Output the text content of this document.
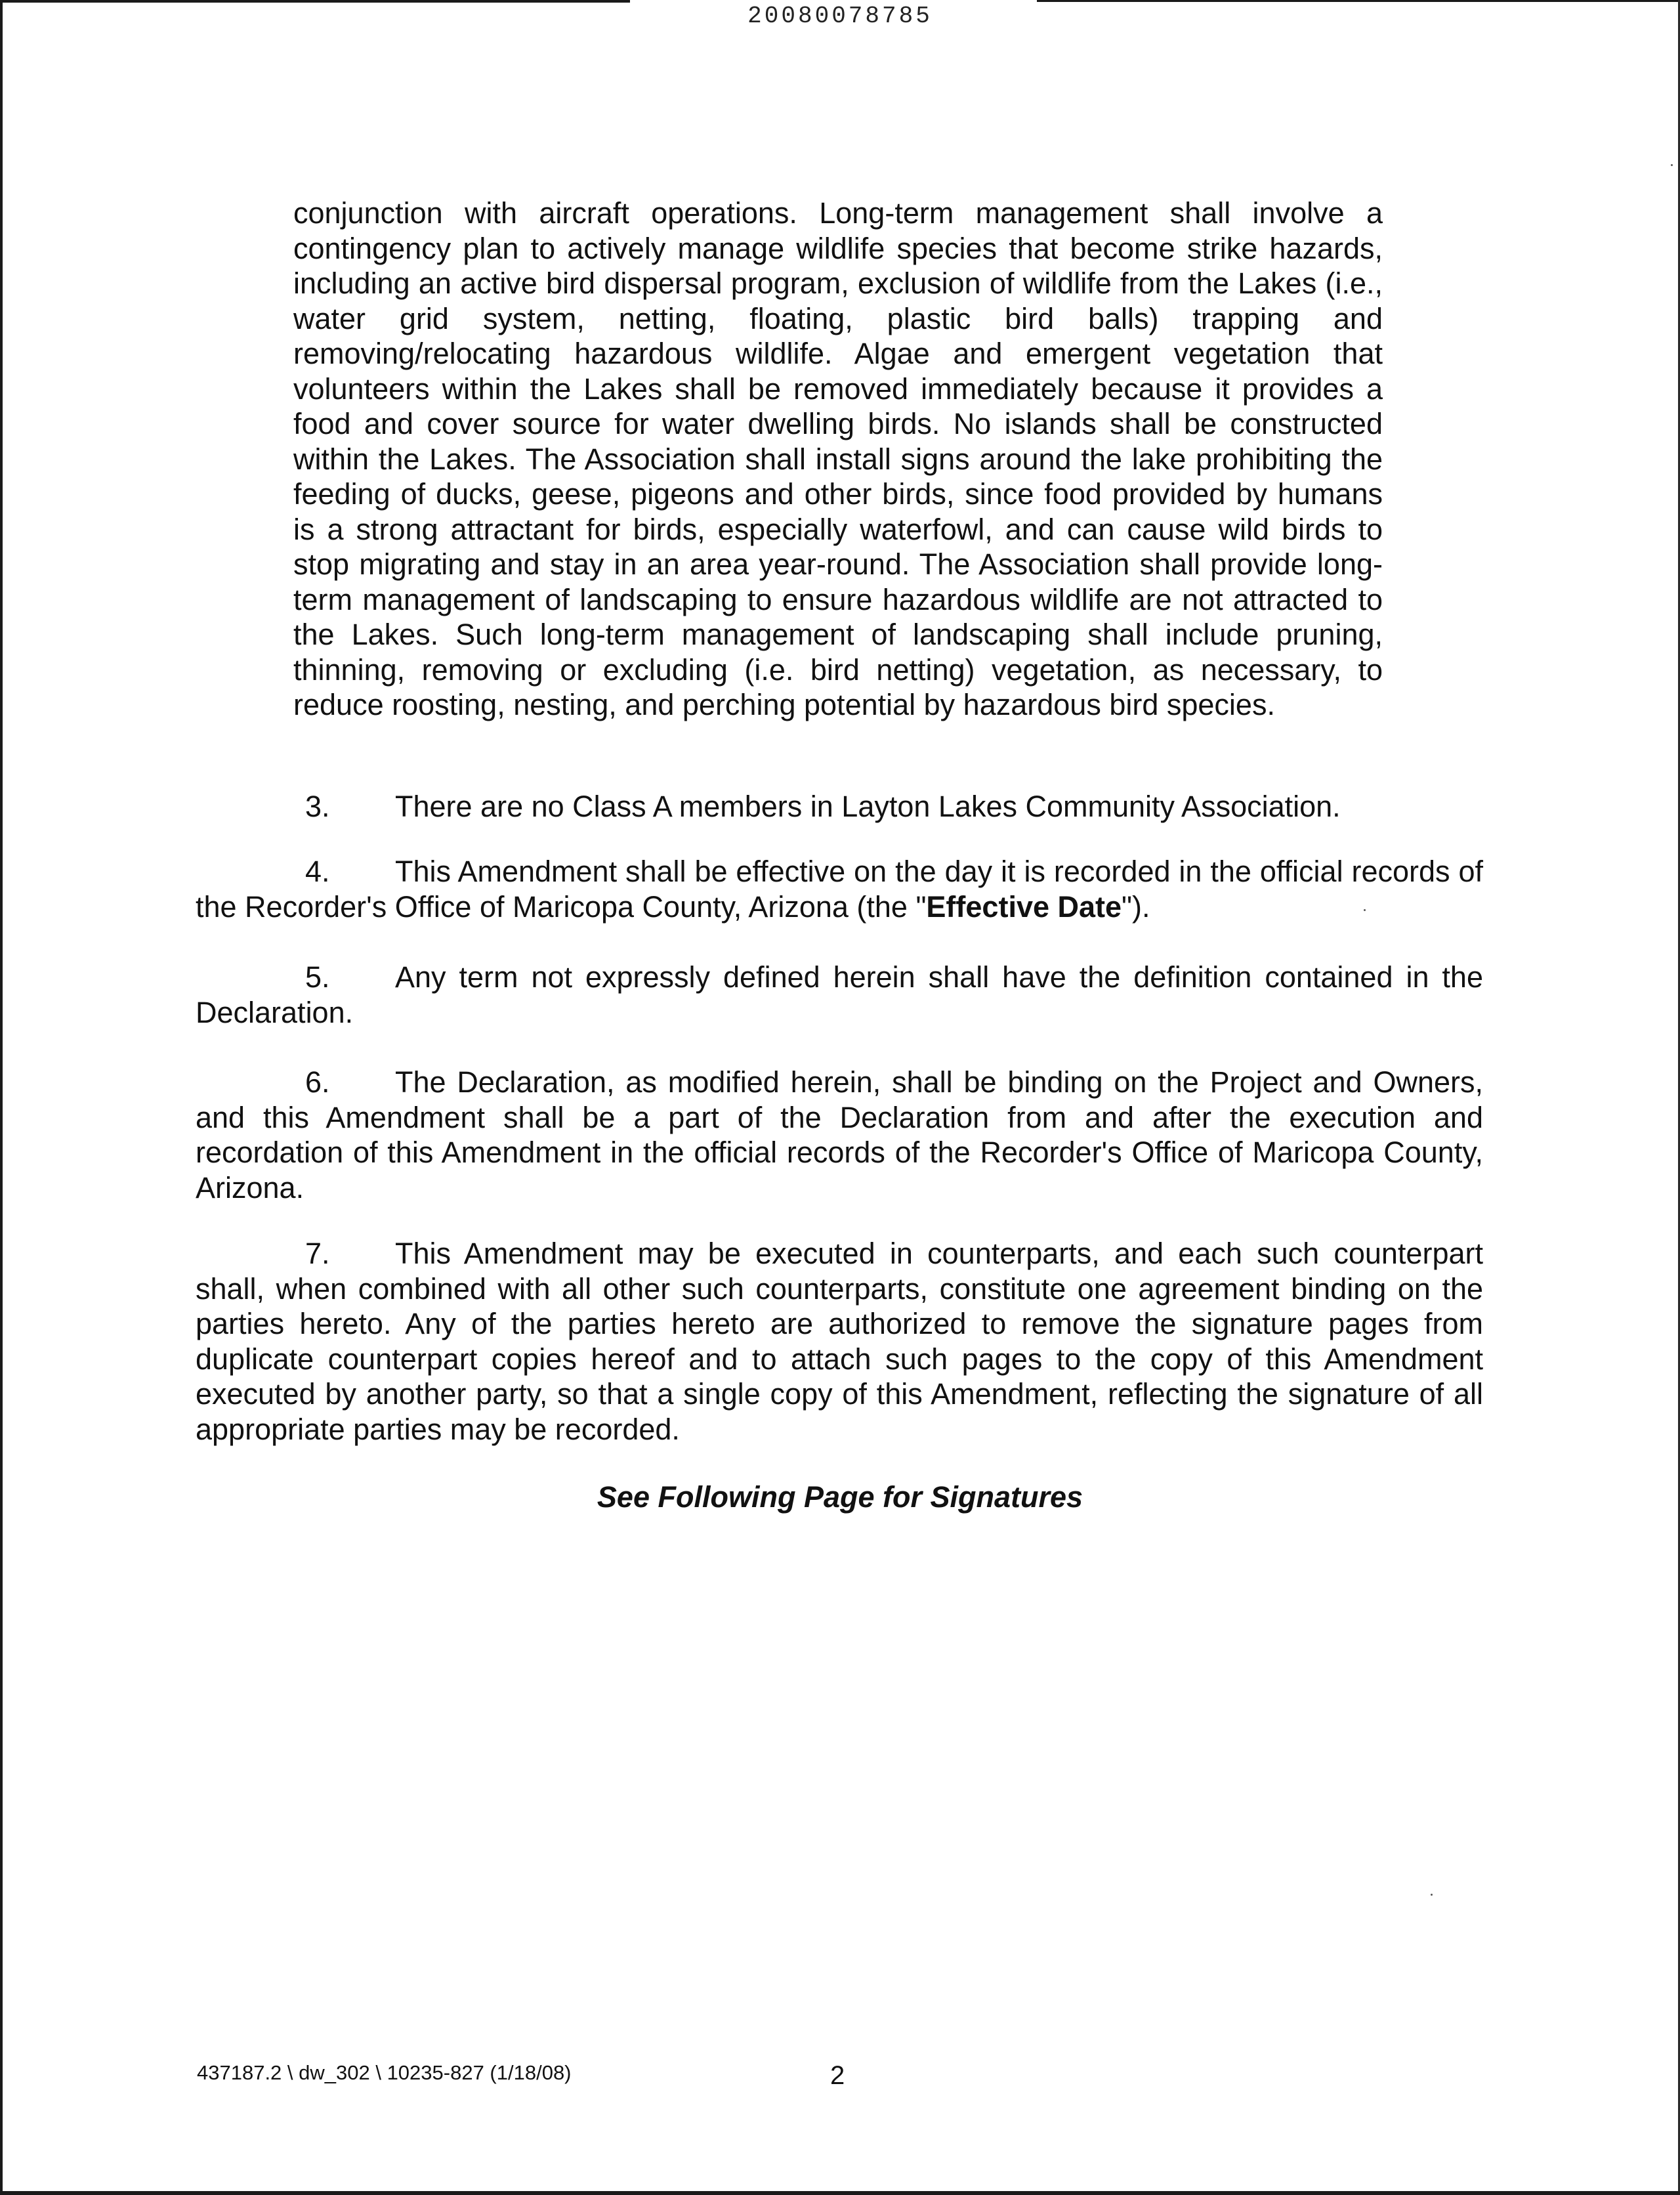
20080078785

conjunction with aircraft operations. Long-term management shall involve a contingency plan to actively manage wildlife species that become strike hazards, including an active bird dispersal program, exclusion of wildlife from the Lakes (i.e., water grid system, netting, floating, plastic bird balls) trapping and removing/relocating hazardous wildlife. Algae and emergent vegetation that volunteers within the Lakes shall be removed immediately because it provides a food and cover source for water dwelling birds. No islands shall be constructed within the Lakes. The Association shall install signs around the lake prohibiting the feeding of ducks, geese, pigeons and other birds, since food provided by humans is a strong attractant for birds, especially waterfowl, and can cause wild birds to stop migrating and stay in an area year-round. The Association shall provide long-term management of landscaping to ensure hazardous wildlife are not attracted to the Lakes. Such long-term management of landscaping shall include pruning, thinning, removing or excluding (i.e. bird netting) vegetation, as necessary, to reduce roosting, nesting, and perching potential by hazardous bird species.

3. There are no Class A members in Layton Lakes Community Association.

4. This Amendment shall be effective on the day it is recorded in the official records of the Recorder's Office of Maricopa County, Arizona (the "Effective Date").

5. Any term not expressly defined herein shall have the definition contained in the Declaration.

6. The Declaration, as modified herein, shall be binding on the Project and Owners, and this Amendment shall be a part of the Declaration from and after the execution and recordation of this Amendment in the official records of the Recorder's Office of Maricopa County, Arizona.

7. This Amendment may be executed in counterparts, and each such counterpart shall, when combined with all other such counterparts, constitute one agreement binding on the parties hereto. Any of the parties hereto are authorized to remove the signature pages from duplicate counterpart copies hereof and to attach such pages to the copy of this Amendment executed by another party, so that a single copy of this Amendment, reflecting the signature of all appropriate parties may be recorded.

See Following Page for Signatures

437187.2 \ dw_302 \ 10235-827 (1/18/08)	2
